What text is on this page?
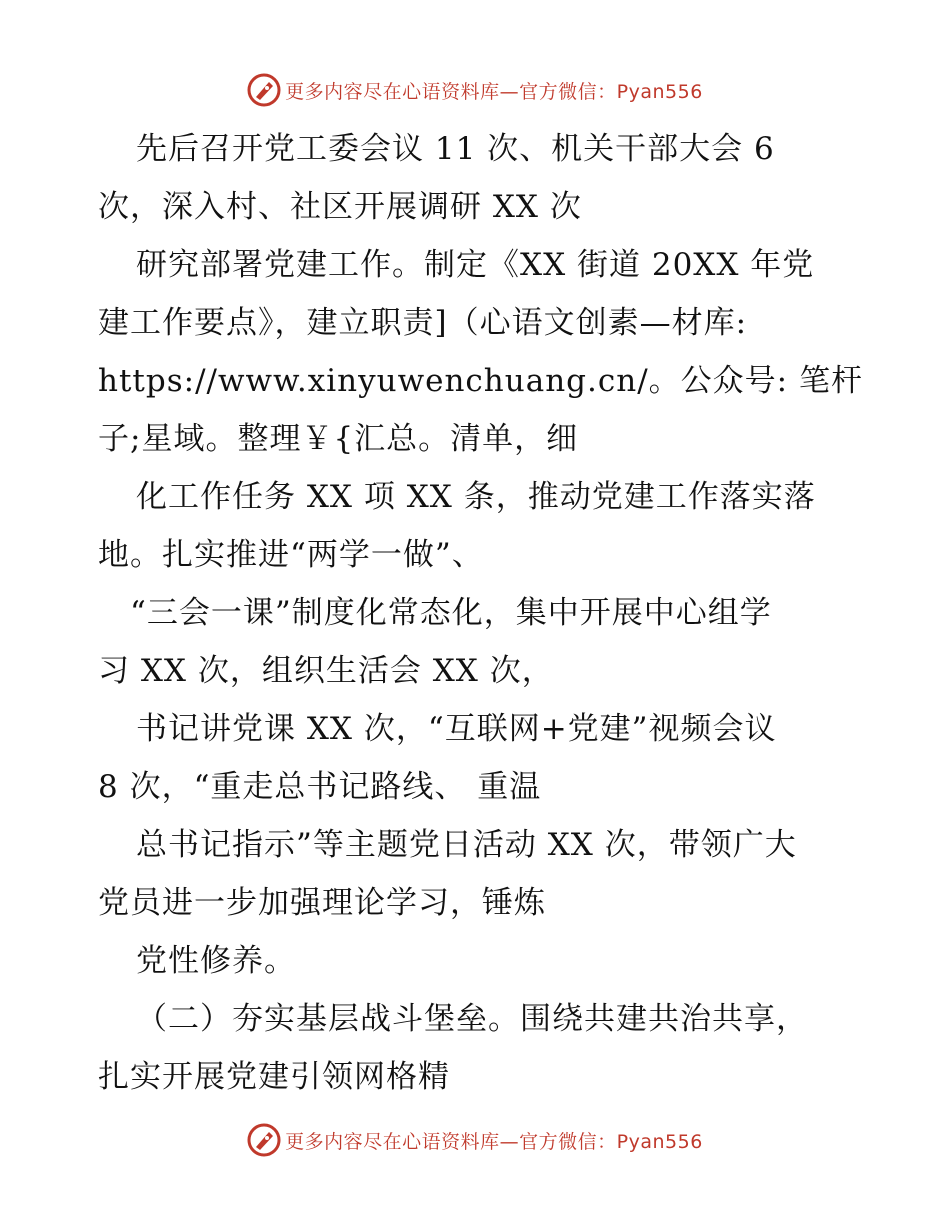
更多内容尽在心语资料库—官方微信：Pyan556
先后召开党工委会议 11 次、机关干部大会 6
次，深入村、社区开展调研 XX 次
研究部署党建工作。制定《XX 街道 20XX 年党
建工作要点》，建立职责]（心语文创素—材库:
https://www.xinyuwenchuang.cn/。公众号: 笔杆
子;星域。整理￥{汇总。清单，细
化工作任务 XX 项 XX 条，推动党建工作落实落
地。扎实推进“两学一做”、
“三会一课”制度化常态化，集中开展中心组学
习 XX 次，组织生活会 XX 次，
书记讲党课 XX 次，“互联网+党建”视频会议
8 次，“重走总书记路线、 重温
总书记指示”等主题党日活动 XX 次，带领广大
党员进一步加强理论学习，锤炼
党性修养。
（二）夯实基层战斗堡垒。围绕共建共治共享，
扎实开展党建引领网格精
更多内容尽在心语资料库—官方微信：Pyan556
